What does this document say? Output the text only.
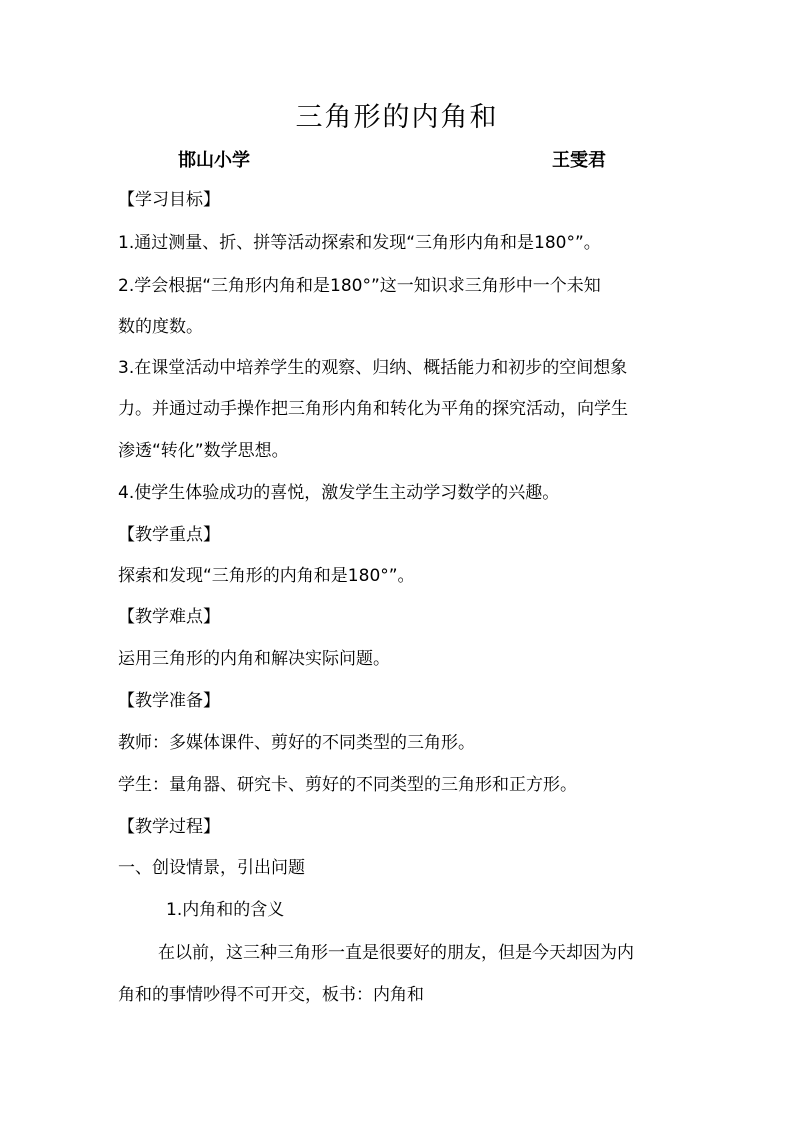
三角形的内角和
邯山小学	王雯君
【学习目标】
1.通过测量、折、拼等活动探索和发现“三角形内角和是180°”。
2.学会根据“三角形内角和是180°”这一知识求三角形中一个未知
数的度数。
3.在课堂活动中培养学生的观察、归纳、概括能力和初步的空间想象
力。并通过动手操作把三角形内角和转化为平角的探究活动，向学生
渗透“转化”数学思想。
4.使学生体验成功的喜悦，激发学生主动学习数学的兴趣。
【教学重点】
探索和发现“三角形的内角和是180°”。
【教学难点】
运用三角形的内角和解决实际问题。
【教学准备】
教师：多媒体课件、剪好的不同类型的三角形。
学生：量角器、研究卡、剪好的不同类型的三角形和正方形。
【教学过程】
一、创设情景，引出问题
1.内角和的含义
在以前，这三种三角形一直是很要好的朋友，但是今天却因为内
角和的事情吵得不可开交，板书：内角和
